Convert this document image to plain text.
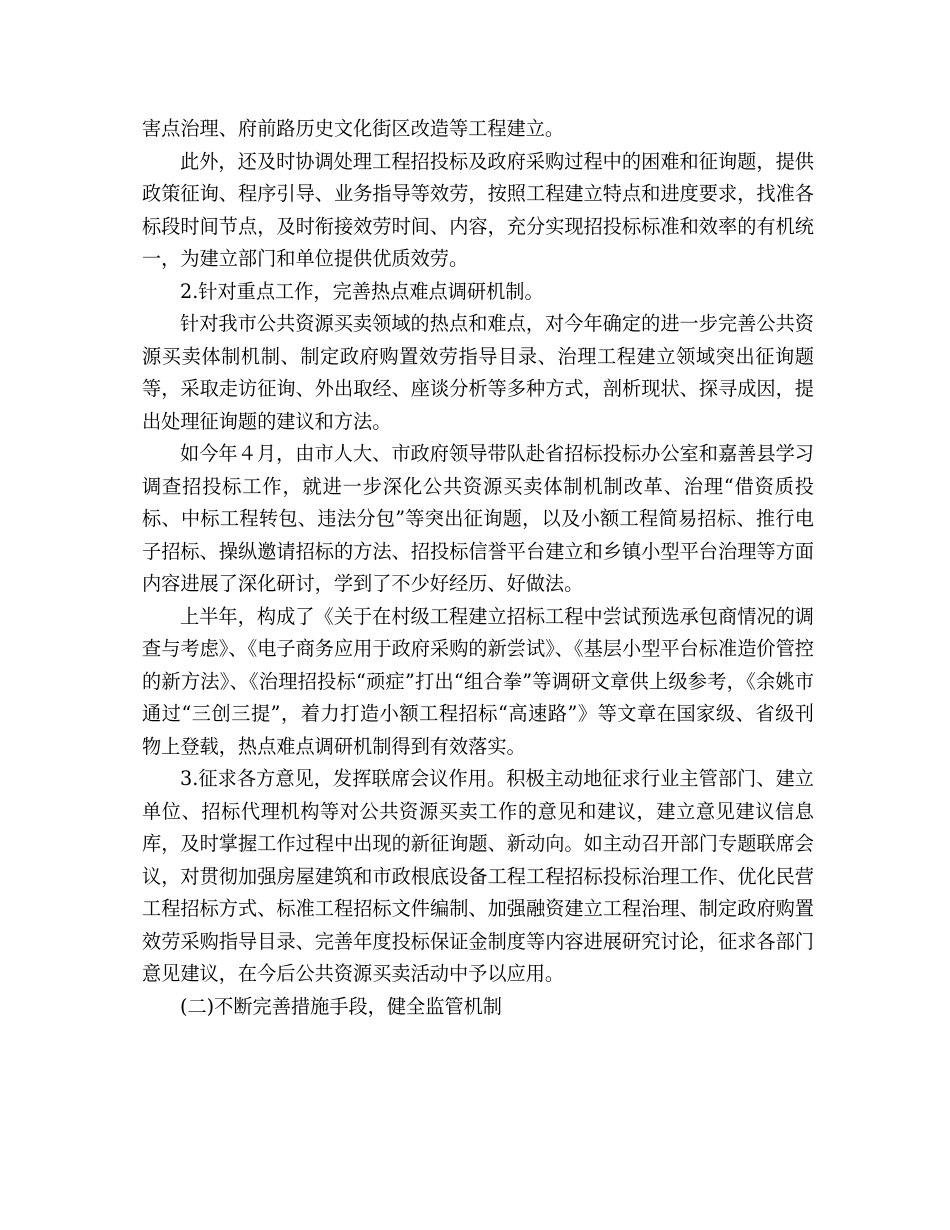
害点治理、府前路历史文化街区改造等工程建立。

此外，还及时协调处理工程招投标及政府采购过程中的困难和征询题，提供政策征询、程序引导、业务指导等效劳，按照工程建立特点和进度要求，找准各标段时间节点，及时衔接效劳时间、内容，充分实现招投标标准和效率的有机统一，为建立部门和单位提供优质效劳。

2.针对重点工作，完善热点难点调研机制。

针对我市公共资源买卖领域的热点和难点，对今年确定的进一步完善公共资源买卖体制机制、制定政府购置效劳指导目录、治理工程建立领域突出征询题等，采取走访征询、外出取经、座谈分析等多种方式，剖析现状、探寻成因，提出处理征询题的建议和方法。

如今年４月，由市人大、市政府领导带队赴省招标投标办公室和嘉善县学习调查招投标工作，就进一步深化公共资源买卖体制机制改革、治理“借资质投标、中标工程转包、违法分包”等突出征询题，以及小额工程简易招标、推行电子招标、操纵邀请招标的方法、招投标信誉平台建立和乡镇小型平台治理等方面内容进展了深化研讨，学到了不少好经历、好做法。

上半年，构成了《关于在村级工程建立招标工程中尝试预选承包商情况的调查与考虑》、《电子商务应用于政府采购的新尝试》、《基层小型平台标准造价管控的新方法》、《治理招投标“顽症”打出“组合拳”等调研文章供上级参考，《余姚市通过“三创三提”，着力打造小额工程招标“高速路”》等文章在国家级、省级刊物上登载，热点难点调研机制得到有效落实。

3.征求各方意见，发挥联席会议作用。积极主动地征求行业主管部门、建立单位、招标代理机构等对公共资源买卖工作的意见和建议，建立意见建议信息库，及时掌握工作过程中出现的新征询题、新动向。如主动召开部门专题联席会议，对贯彻加强房屋建筑和市政根底设备工程工程招标投标治理工作、优化民营工程招标方式、标准工程招标文件编制、加强融资建立工程治理、制定政府购置效劳采购指导目录、完善年度投标保证金制度等内容进展研究讨论，征求各部门意见建议，在今后公共资源买卖活动中予以应用。

(二)不断完善措施手段，健全监管机制
